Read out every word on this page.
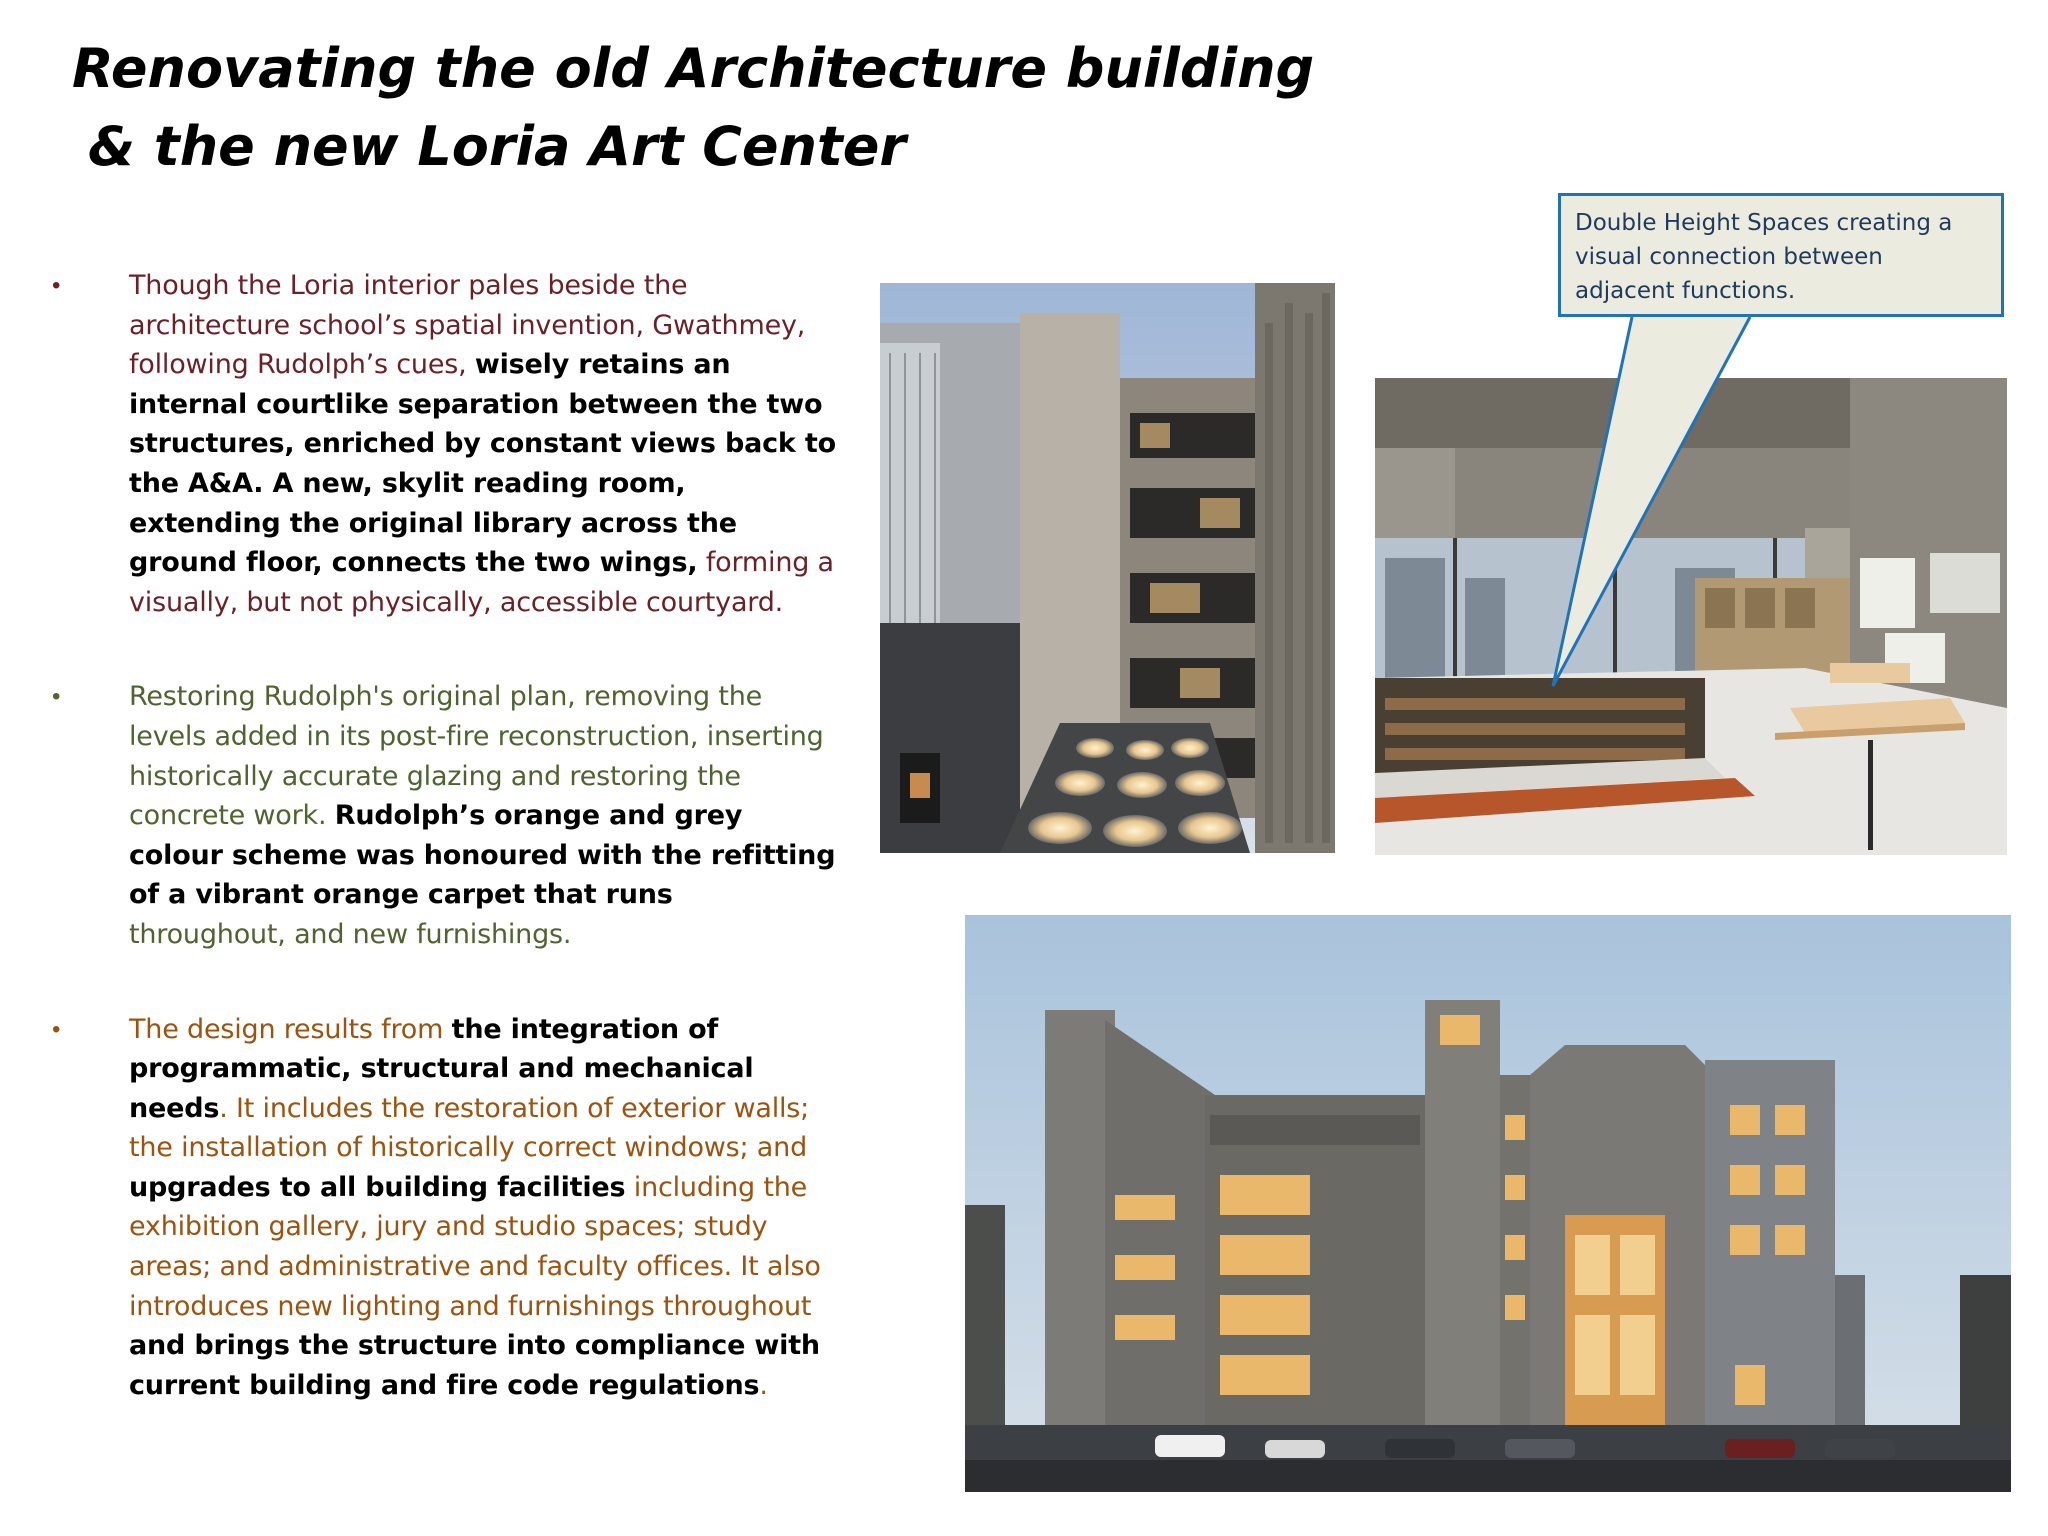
Renovating the old Architecture building
& the new Loria Art Center
•	Though the Loria interior pales beside the architecture school’s spatial invention, Gwathmey, following Rudolph’s cues, wisely retains an internal courtlike separation between the two structures, enriched by constant views back to the A&A. A new, skylit reading room, extending the original library across the ground floor, connects the two wings, forming a visually, but not physically, accessible courtyard.

•	Restoring Rudolph's original plan, removing the levels added in its post-fire reconstruction, inserting historically accurate glazing and restoring the concrete work. Rudolph’s orange and grey colour scheme was honoured with the refitting of a vibrant orange carpet that runs throughout, and new furnishings.

•	The design results from the integration of programmatic, structural and mechanical needs. It includes the restoration of exterior walls; the installation of historically correct windows; and upgrades to all building facilities including the exhibition gallery, jury and studio spaces; study areas; and administrative and faculty offices. It also introduces new lighting and furnishings throughout and brings the structure into compliance with current building and fire code regulations.

Double Height Spaces creating a visual connection between adjacent functions.
